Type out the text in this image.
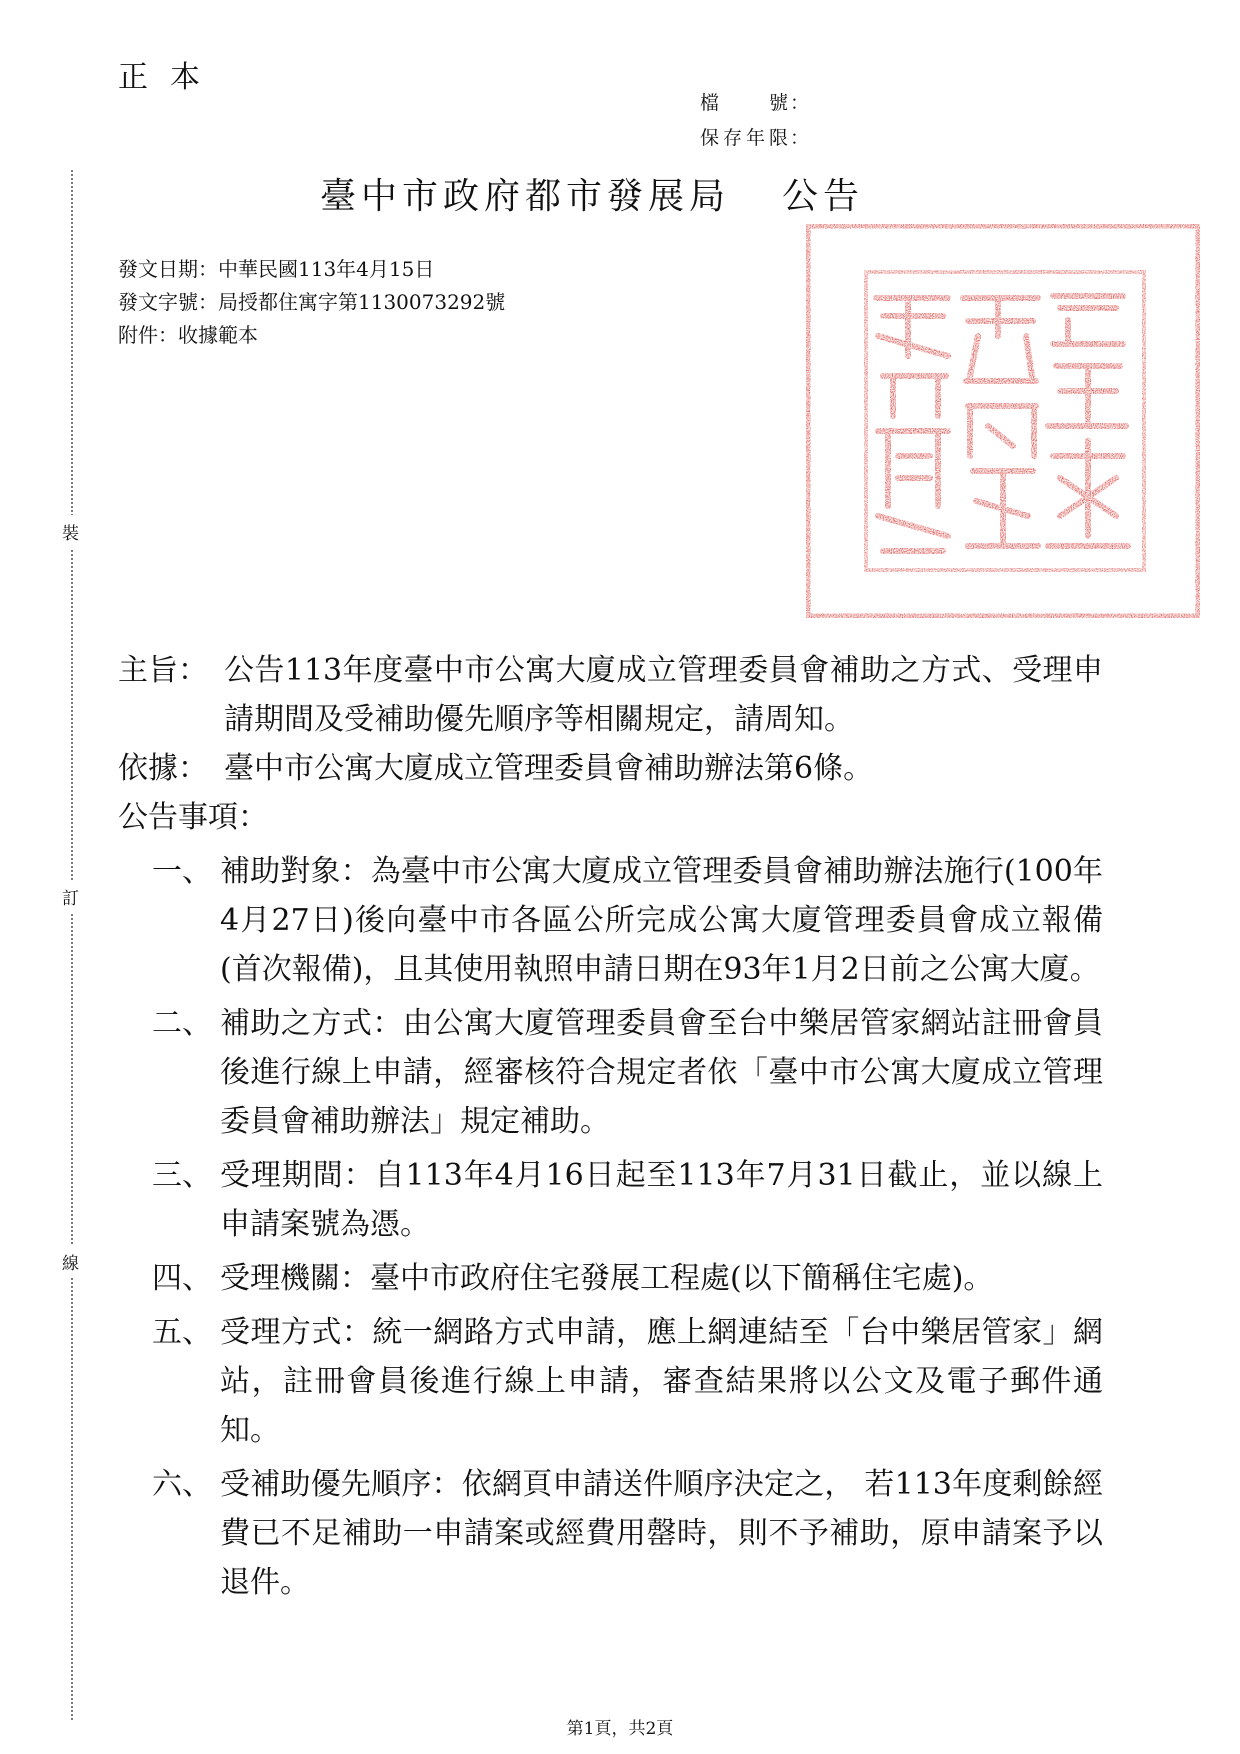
正本
檔號 ：
保存年限 ：
裝
訂
線
臺中市政府都市發展局 公告
發文日期：中華民國113年4月15日
發文字號：局授都住寓字第1130073292號
附件：收據範本
主旨： 公告113年度臺中市公寓大廈成立管理委員會補助之方式、受理申請期間及受補助優先順序等相關規定，請周知。
依據： 臺中市公寓大廈成立管理委員會補助辦法第6條。
公告事項：
一、 補助對象：為臺中市公寓大廈成立管理委員會補助辦法施行(100年4月27日)後向臺中市各區公所完成公寓大廈管理委員會成立報備(首次報備)，且其使用執照申請日期在93年1月2日前之公寓大廈。
二、 補助之方式：由公寓大廈管理委員會至台中樂居管家網站註冊會員後進行線上申請，經審核符合規定者依「臺中市公寓大廈成立管理委員會補助辦法」規定補助。
三、 受理期間：自113年4月16日起至113年7月31日截止，並以線上申請案號為憑。
四、 受理機關：臺中市政府住宅發展工程處(以下簡稱住宅處)。
五、 受理方式：統一網路方式申請，應上網連結至「台中樂居管家」網站，註冊會員後進行線上申請，審查結果將以公文及電子郵件通知。
六、 受補助優先順序：依網頁申請送件順序決定之， 若113年度剩餘經費已不足補助一申請案或經費用罄時，則不予補助，原申請案予以退件。
第1頁，共2頁
